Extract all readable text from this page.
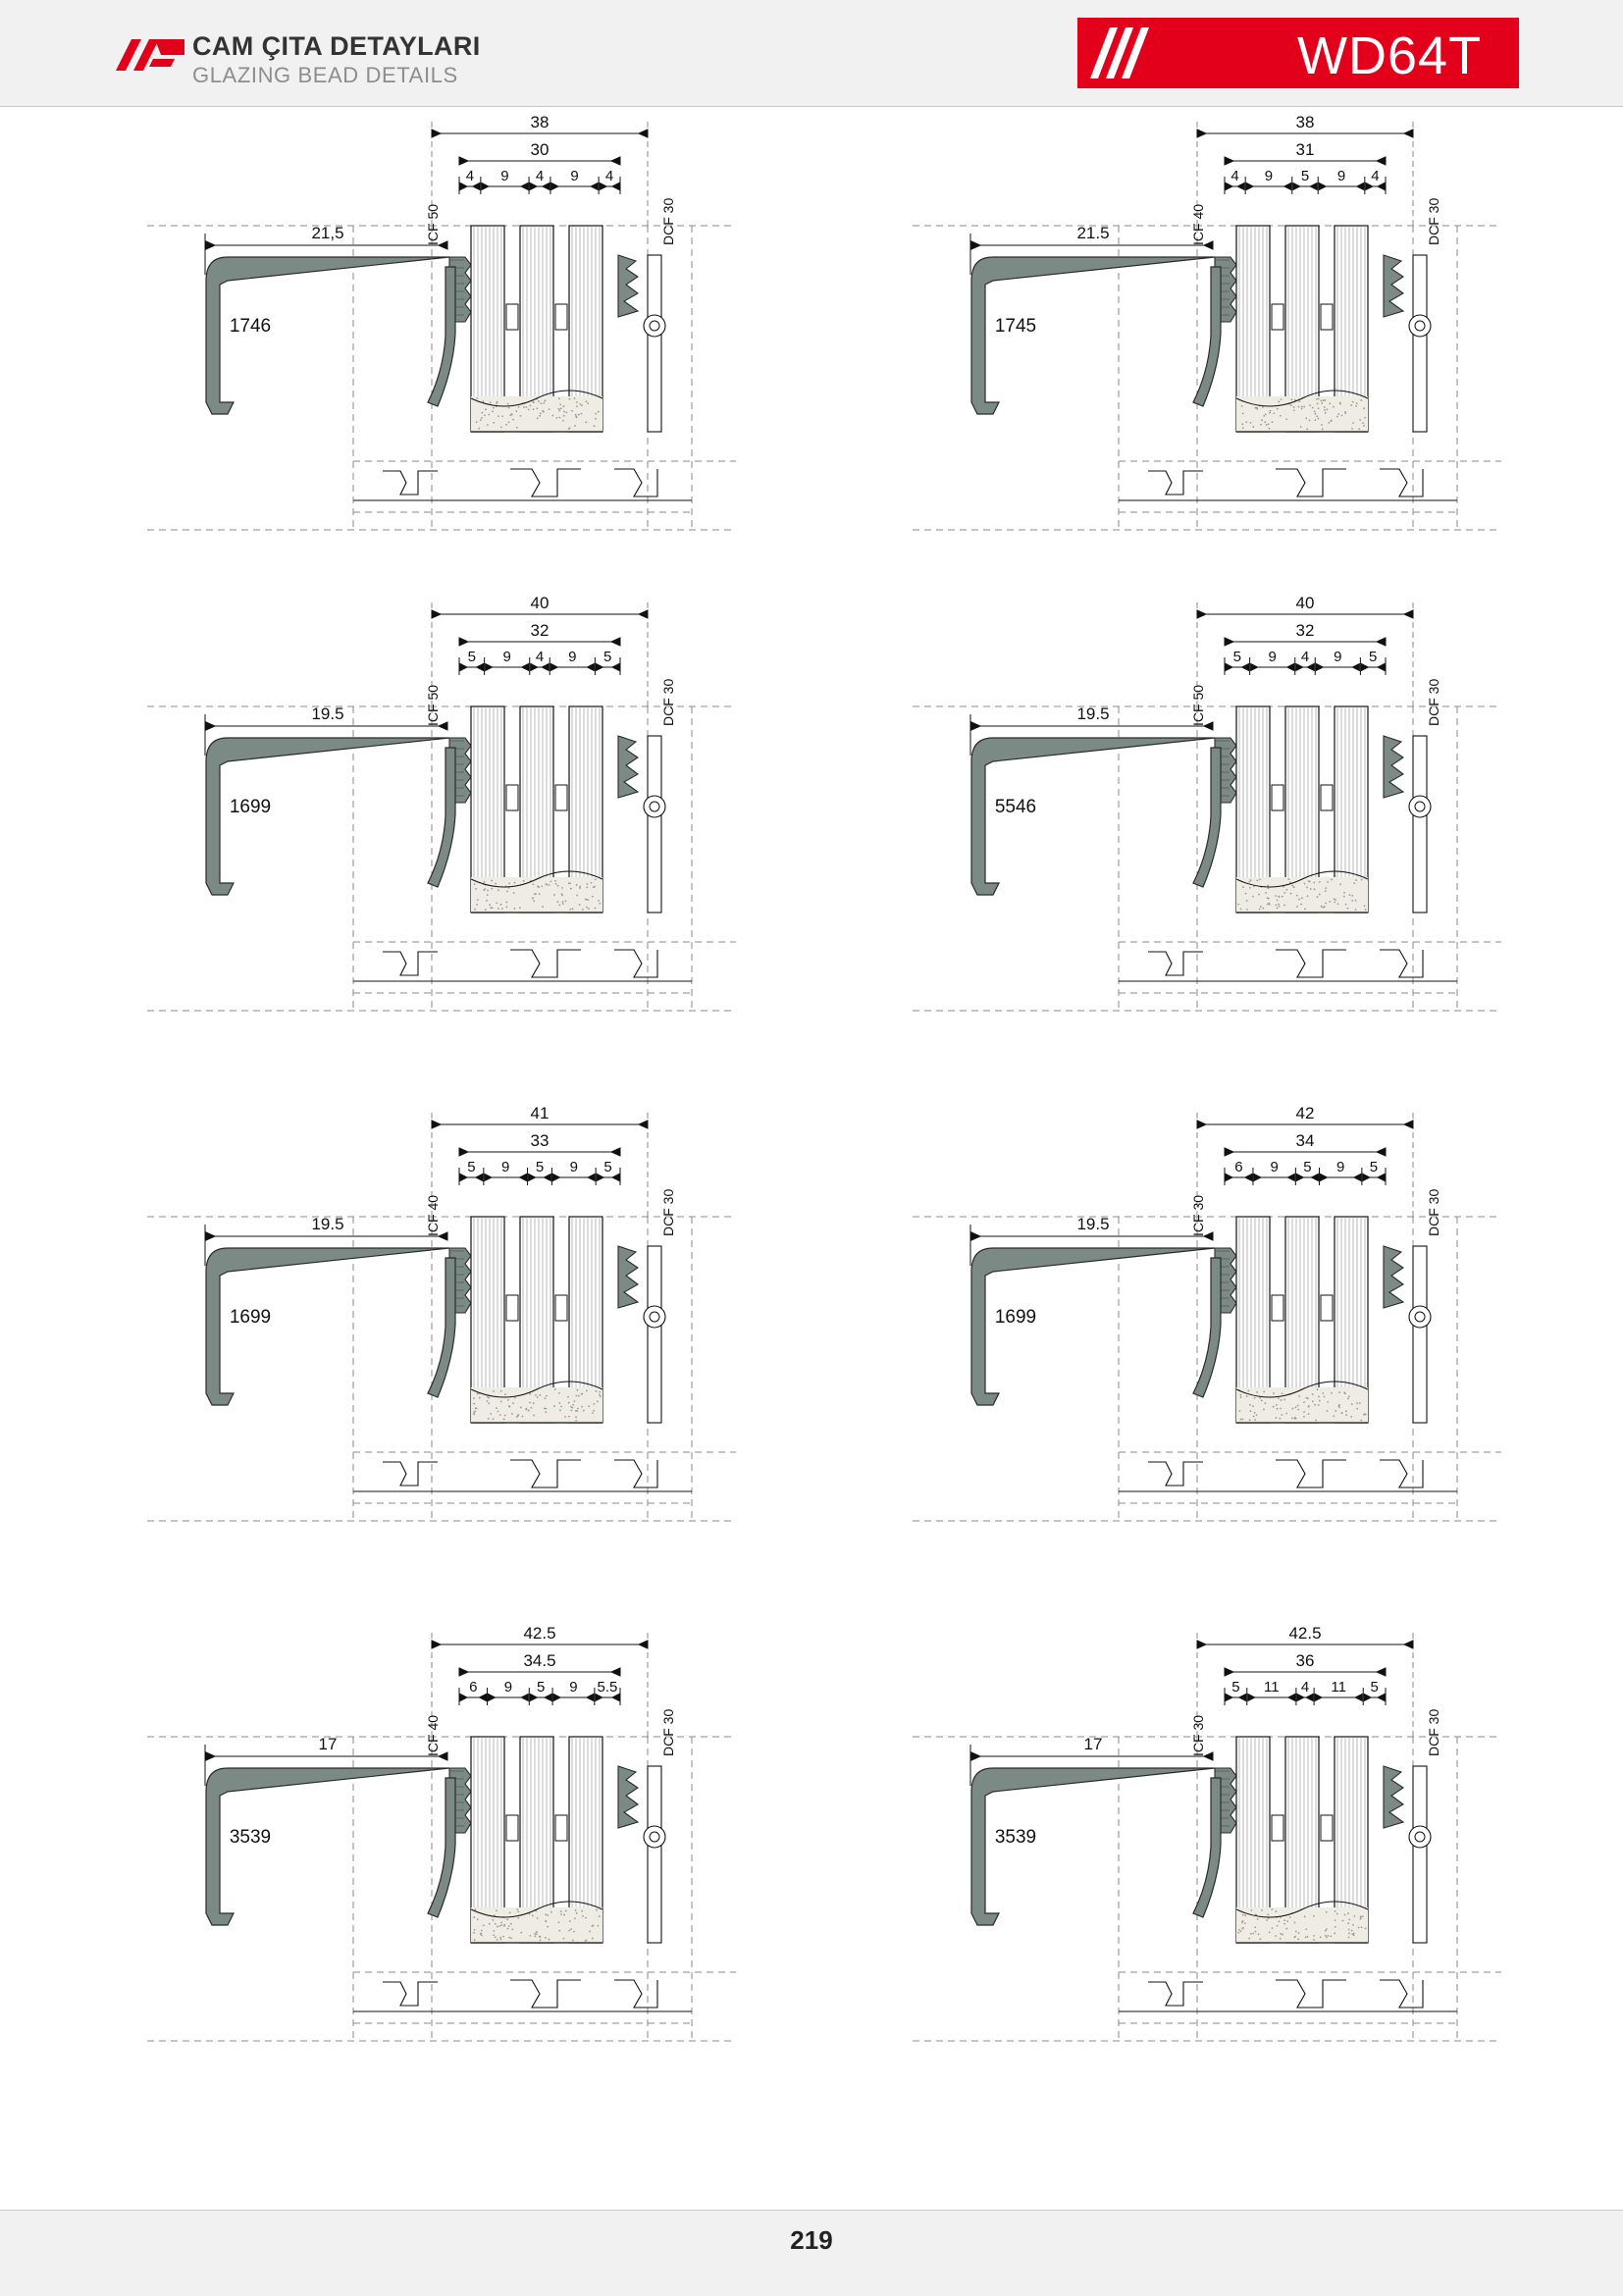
CAM ÇITA DETAYLARI
GLAZING BEAD DETAILS	WD64T
38
30
4 9 4 9 4
21,5
1746
ICF 50	DCF 30
38
31
4 9 5 9 4
21.5
1745
ICF 40	DCF 30
40
32
5 9 4 9 5
19.5
1699
ICF 50	DCF 30
40
32
5 9 4 9 5
19.5
5546
ICF 50	DCF 30
41
33
5 9 5 9 5
19.5
1699
ICF 40	DCF 30
42
34
6 9 5 9 5
19.5
1699
ICF 30	DCF 30
42.5
34.5
6 9 5 9 5.5
17
3539
ICF 40	DCF 30
42.5
36
5 11 4 11 5
17
3539
ICF 30	DCF 30
219
